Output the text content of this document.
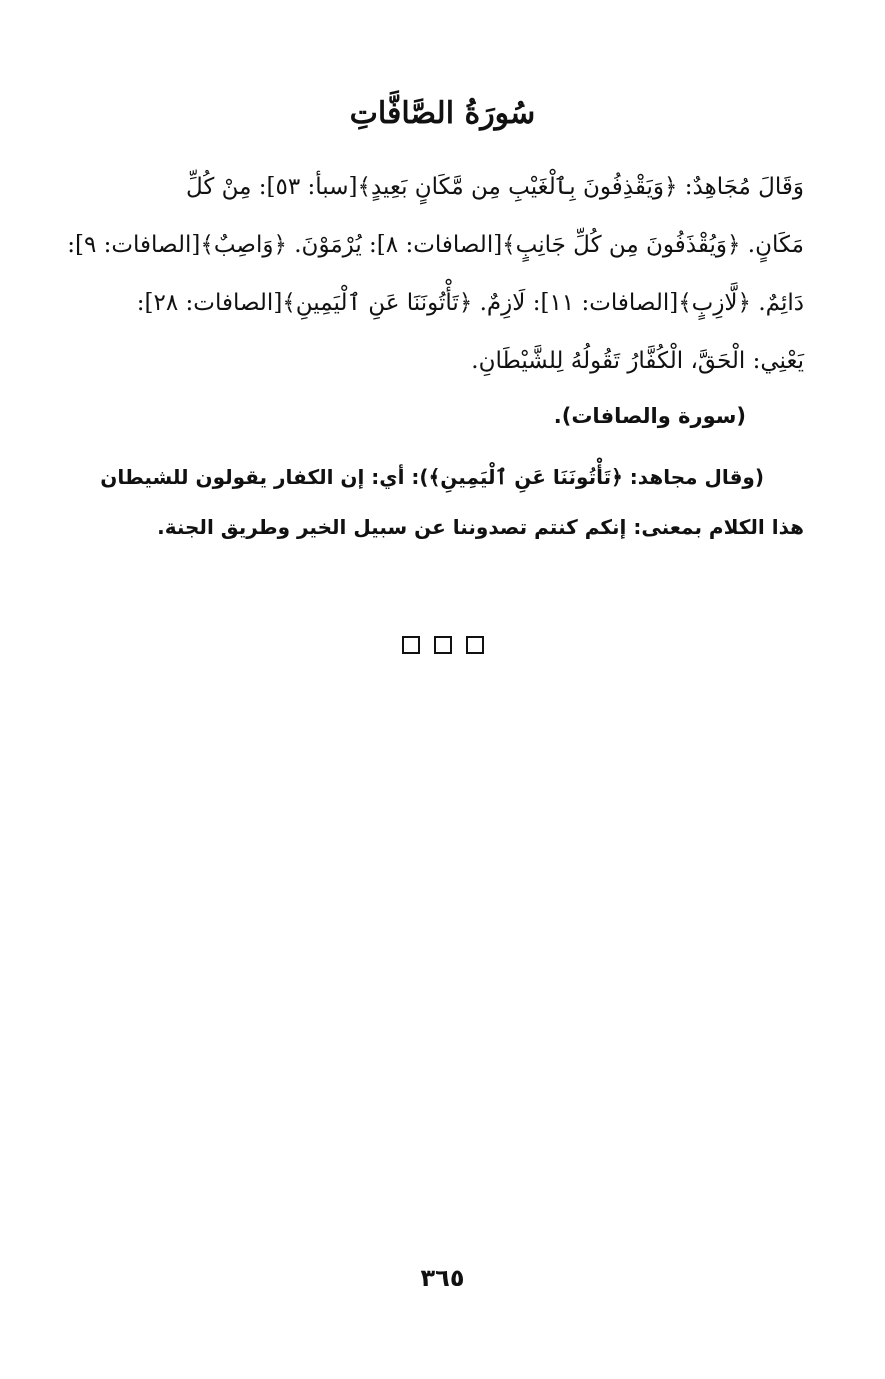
سُورَةُ الصَّافَّاتِ
وَقَالَ مُجَاهِدٌ: ﴿وَيَقْذِفُونَ بِٱلْغَيْبِ مِن مَّكَانٍ بَعِيدٍ﴾[سبأ: ٥٣]: مِنْ كُلِّ
مَكَانٍ. ﴿وَيُقْذَفُونَ مِن كُلِّ جَانِبٍ﴾[الصافات: ٨]: يُرْمَوْنَ. ﴿وَاصِبٌ﴾[الصافات: ٩]:
دَائِمٌ. ﴿لَّازِبٍ﴾[الصافات: ١١]: لَازِمٌ. ﴿تَأْتُونَنَا عَنِ ٱلْيَمِينِ﴾[الصافات: ٢٨]:
يَعْنِي: الْحَقَّ، الْكُفَّارُ تَقُولُهُ لِلشَّيْطَانِ.
(سورة والصافات).
(وقال مجاهد: ﴿تَأْتُونَنَا عَنِ ٱلْيَمِينِ﴾): أي: إن الكفار يقولون للشيطان
هذا الكلام بمعنى: إنكم كنتم تصدوننا عن سبيل الخير وطريق الجنة.
٣٦٥
